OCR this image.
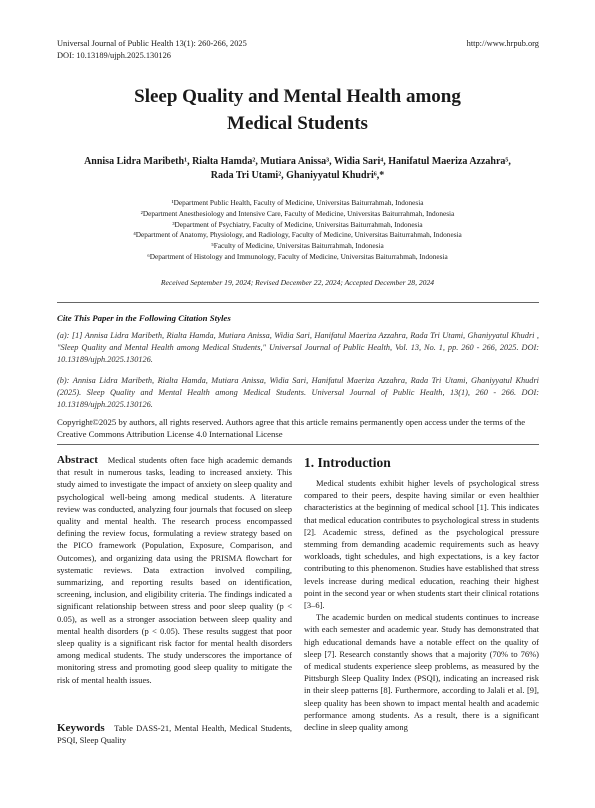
Universal Journal of Public Health 13(1): 260-266, 2025	http://www.hrpub.org
DOI: 10.13189/ujph.2025.130126
Sleep Quality and Mental Health among
Medical Students
Annisa Lidra Maribeth¹, Rialta Hamda², Mutiara Anissa³, Widia Sari⁴, Hanifatul Maeriza Azzahra⁵,
Rada Tri Utami², Ghaniyyatul Khudri⁶,*
¹Department Public Health, Faculty of Medicine, Universitas Baiturrahmah, Indonesia
²Department Anesthesiology and Intensive Care, Faculty of Medicine, Universitas Baiturrahmah, Indonesia
³Department of Psychiatry, Faculty of Medicine, Universitas Baiturrahmah, Indonesia
⁴Department of Anatomy, Physiology, and Radiology, Faculty of Medicine, Universitas Baiturrahmah, Indonesia
⁵Faculty of Medicine, Universitas Baiturrahmah, Indonesia
⁶Department of Histology and Immunology, Faculty of Medicine, Universitas Baiturrahmah, Indonesia
Received September 19, 2024; Revised December 22, 2024; Accepted December 28, 2024
Cite This Paper in the Following Citation Styles
(a): [1] Annisa Lidra Maribeth, Rialta Hamda, Mutiara Anissa, Widia Sari, Hanifatul Maeriza Azzahra, Rada Tri Utami, Ghaniyyatul Khudri , "Sleep Quality and Mental Health among Medical Students," Universal Journal of Public Health, Vol. 13, No. 1, pp. 260 - 266, 2025. DOI: 10.13189/ujph.2025.130126.
(b): Annisa Lidra Maribeth, Rialta Hamda, Mutiara Anissa, Widia Sari, Hanifatul Maeriza Azzahra, Rada Tri Utami, Ghaniyyatul Khudri (2025). Sleep Quality and Mental Health among Medical Students. Universal Journal of Public Health, 13(1), 260 - 266. DOI: 10.13189/ujph.2025.130126.
Copyright©2025 by authors, all rights reserved. Authors agree that this article remains permanently open access under the terms of the Creative Commons Attribution License 4.0 International License
Abstract Medical students often face high academic demands that result in numerous tasks, leading to increased anxiety. This study aimed to investigate the impact of anxiety on sleep quality and psychological well-being among medical students. A literature review was conducted, analyzing four journals that focused on sleep quality and mental health. The research process encompassed defining the review focus, formulating a review strategy based on the PICO framework (Population, Exposure, Comparison, and Outcomes), and organizing data using the PRISMA flowchart for systematic reviews. Data extraction involved compiling, summarizing, and reporting results based on identification, screening, inclusion, and eligibility criteria. The findings indicated a significant relationship between stress and poor sleep quality (p < 0.05), as well as a stronger association between sleep quality and mental health disorders (p < 0.05). These results suggest that poor sleep quality is a significant risk factor for mental health disorders among medical students. The study underscores the importance of monitoring stress and promoting good sleep quality to mitigate the risk of mental health issues.
Keywords Table DASS-21, Mental Health, Medical Students, PSQI, Sleep Quality
1. Introduction

Medical students exhibit higher levels of psychological stress compared to their peers, despite having similar or even healthier characteristics at the beginning of medical school [1]. This indicates that medical education contributes to psychological stress in students [2]. Academic stress, defined as the psychological pressure stemming from demanding academic requirements such as heavy workloads, tight schedules, and high expectations, is a key factor contributing to this phenomenon. Studies have established that stress levels increase during medical education, reaching their highest point in the second year or when students start their clinical rotations [3–6].

The academic burden on medical students continues to increase with each semester and academic year. Study has demonstrated that high educational demands have a notable effect on the quality of sleep [7]. Research constantly shows that a majority (70% to 76%) of medical students experience sleep problems, as measured by the Pittsburgh Sleep Quality Index (PSQI), indicating an increased risk in their sleep patterns [8]. Furthermore, according to Jalali et al. [9], sleep quality has been shown to impact mental health and academic performance among students. As a result, there is a significant decline in sleep quality among
